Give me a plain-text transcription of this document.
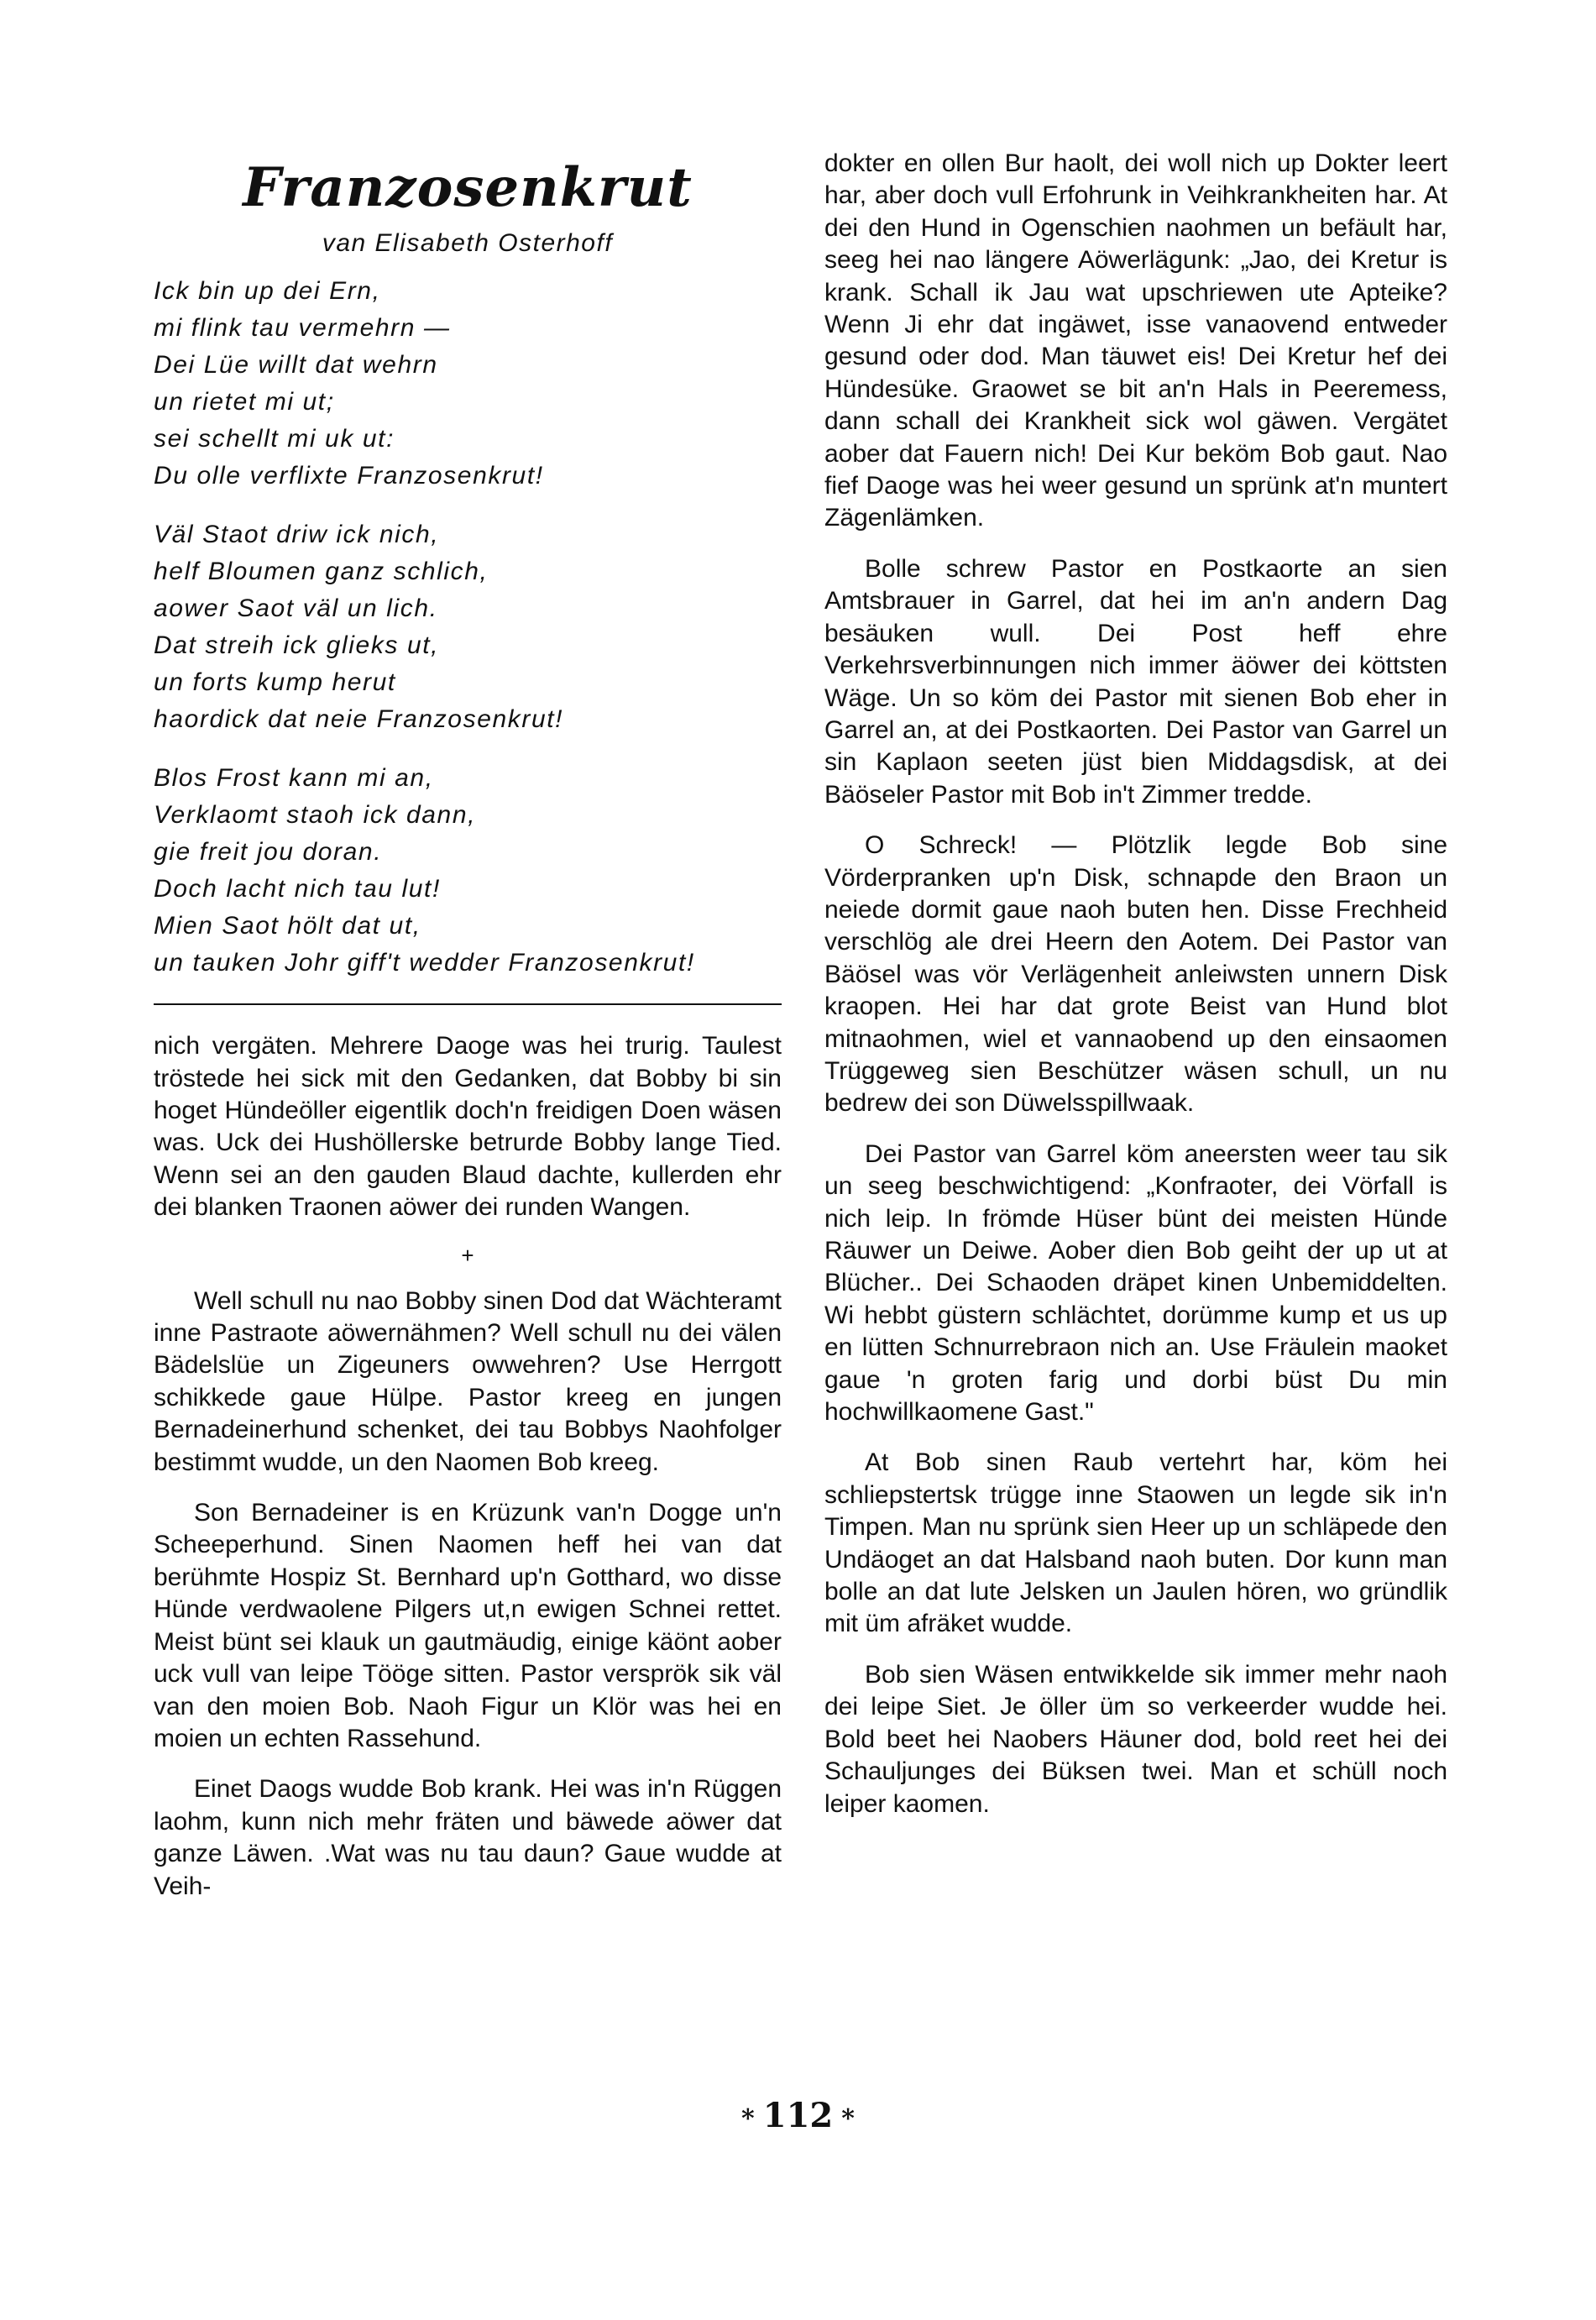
Franzosenkrut
van Elisabeth Osterhoff
Ick bin up dei Ern,
mi flink tau vermehrn —
Dei Lüe willt dat wehrn
un rietet mi ut;
sei schellt mi uk ut:
Du olle verflixte Franzosenkrut!
Väl Staot driw ick nich,
helf Bloumen ganz schlich,
aower Saot väl un lich.
Dat streih ick glieks ut,
un forts kump herut
haordick dat neie Franzosenkrut!
Blos Frost kann mi an,
Verklaomt staoh ick dann,
gie freit jou doran.
Doch lacht nich tau lut!
Mien Saot hölt dat ut,
un tauken Johr giff't wedder Franzosenkrut!

nich vergäten. Mehrere Daoge was hei trurig. Taulest tröstede hei sick mit den Gedanken, dat Bobby bi sin hoget Hündeöller eigentlik doch'n freidigen Doen wäsen was. Uck dei Hushöllerske betrurde Bobby lange Tied. Wenn sei an den gauden Blaud dachte, kullerden ehr dei blanken Traonen aöwer dei runden Wangen.

+

Well schull nu nao Bobby sinen Dod dat Wächteramt inne Pastraote aöwernähmen? Well schull nu dei välen Bädelslüe un Zigeuners owwehren? Use Herrgott schikkede gaue Hülpe. Pastor kreeg en jungen Bernadeinerhund schenket, dei tau Bobbys Naohfolger bestimmt wudde, un den Naomen Bob kreeg.

Son Bernadeiner is en Krüzunk van'n Dogge un'n Scheeperhund. Sinen Naomen heff hei van dat berühmte Hospiz St. Bernhard up'n Gotthard, wo disse Hünde verdwaolene Pilgers ut,n ewigen Schnei rettet. Meist bünt sei klauk un gautmäudig, einige käönt aober uck vull van leipe Tööge sitten. Pastor versprök sik väl van den moien Bob. Naoh Figur un Klör was hei en moien un echten Rassehund.

Einet Daogs wudde Bob krank. Hei was in'n Rüggen laohm, kunn nich mehr fräten und bäwede aöwer dat ganze Läwen. .Wat was nu tau daun? Gaue wudde at Veih-

dokter en ollen Bur haolt, dei woll nich up Dokter leert har, aber doch vull Erfohrunk in Veihkrankheiten har. At dei den Hund in Ogenschien naohmen un befäult har, seeg hei nao längere Aöwerlägunk: „Jao, dei Kretur is krank. Schall ik Jau wat upschriewen ute Apteike? Wenn Ji ehr dat ingäwet, isse vanaovend entweder gesund oder dod. Man täuwet eis! Dei Kretur hef dei Hündesüke. Graowet se bit an'n Hals in Peeremess, dann schall dei Krankheit sick wol gäwen. Vergätet aober dat Fauern nich! Dei Kur beköm Bob gaut. Nao fief Daoge was hei weer gesund un sprünk at'n muntert Zägenlämken.

Bolle schrew Pastor en Postkaorte an sien Amtsbrauer in Garrel, dat hei im an'n andern Dag besäuken wull. Dei Post heff ehre Verkehrsverbinnungen nich immer äöwer dei köttsten Wäge. Un so köm dei Pastor mit sienen Bob eher in Garrel an, at dei Postkaorten. Dei Pastor van Garrel un sin Kaplaon seeten jüst bien Middagsdisk, at dei Bäöseler Pastor mit Bob in't Zimmer tredde.

O Schreck! — Plötzlik legde Bob sine Vörderpranken up'n Disk, schnapde den Braon un neiede dormit gaue naoh buten hen. Disse Frechheid verschlög ale drei Heern den Aotem. Dei Pastor van Bäösel was vör Verlägenheit anleiwsten unnern Disk kraopen. Hei har dat grote Beist van Hund blot mitnaohmen, wiel et vannaobend up den einsaomen Trüggeweg sien Beschützer wäsen schull, un nu bedrew dei son Düwelsspillwaak.

Dei Pastor van Garrel köm aneersten weer tau sik un seeg beschwichtigend: „Konfraoter, dei Vörfall is nich leip. In frömde Hüser bünt dei meisten Hünde Räuwer un Deiwe. Aober dien Bob geiht der up ut at Blücher.. Dei Schaoden dräpet kinen Unbemiddelten. Wi hebbt güstern schlächtet, dorümme kump et us up en lütten Schnurrebraon nich an. Use Fräulein maoket gaue 'n groten farig und dorbi büst Du min hochwillkaomene Gast."

At Bob sinen Raub vertehrt har, köm hei schliepstertsk trügge inne Staowen un legde sik in'n Timpen. Man nu sprünk sien Heer up un schläpede den Undäoget an dat Halsband naoh buten. Dor kunn man bolle an dat lute Jelsken un Jaulen hören, wo gründlik mit üm afräket wudde.

Bob sien Wäsen entwikkelde sik immer mehr naoh dei leipe Siet. Je öller üm so verkeerder wudde hei. Bold beet hei Naobers Häuner dod, bold reet hei dei Schauljunges dei Büksen twei. Man et schüll noch leiper kaomen.

* 112 *
